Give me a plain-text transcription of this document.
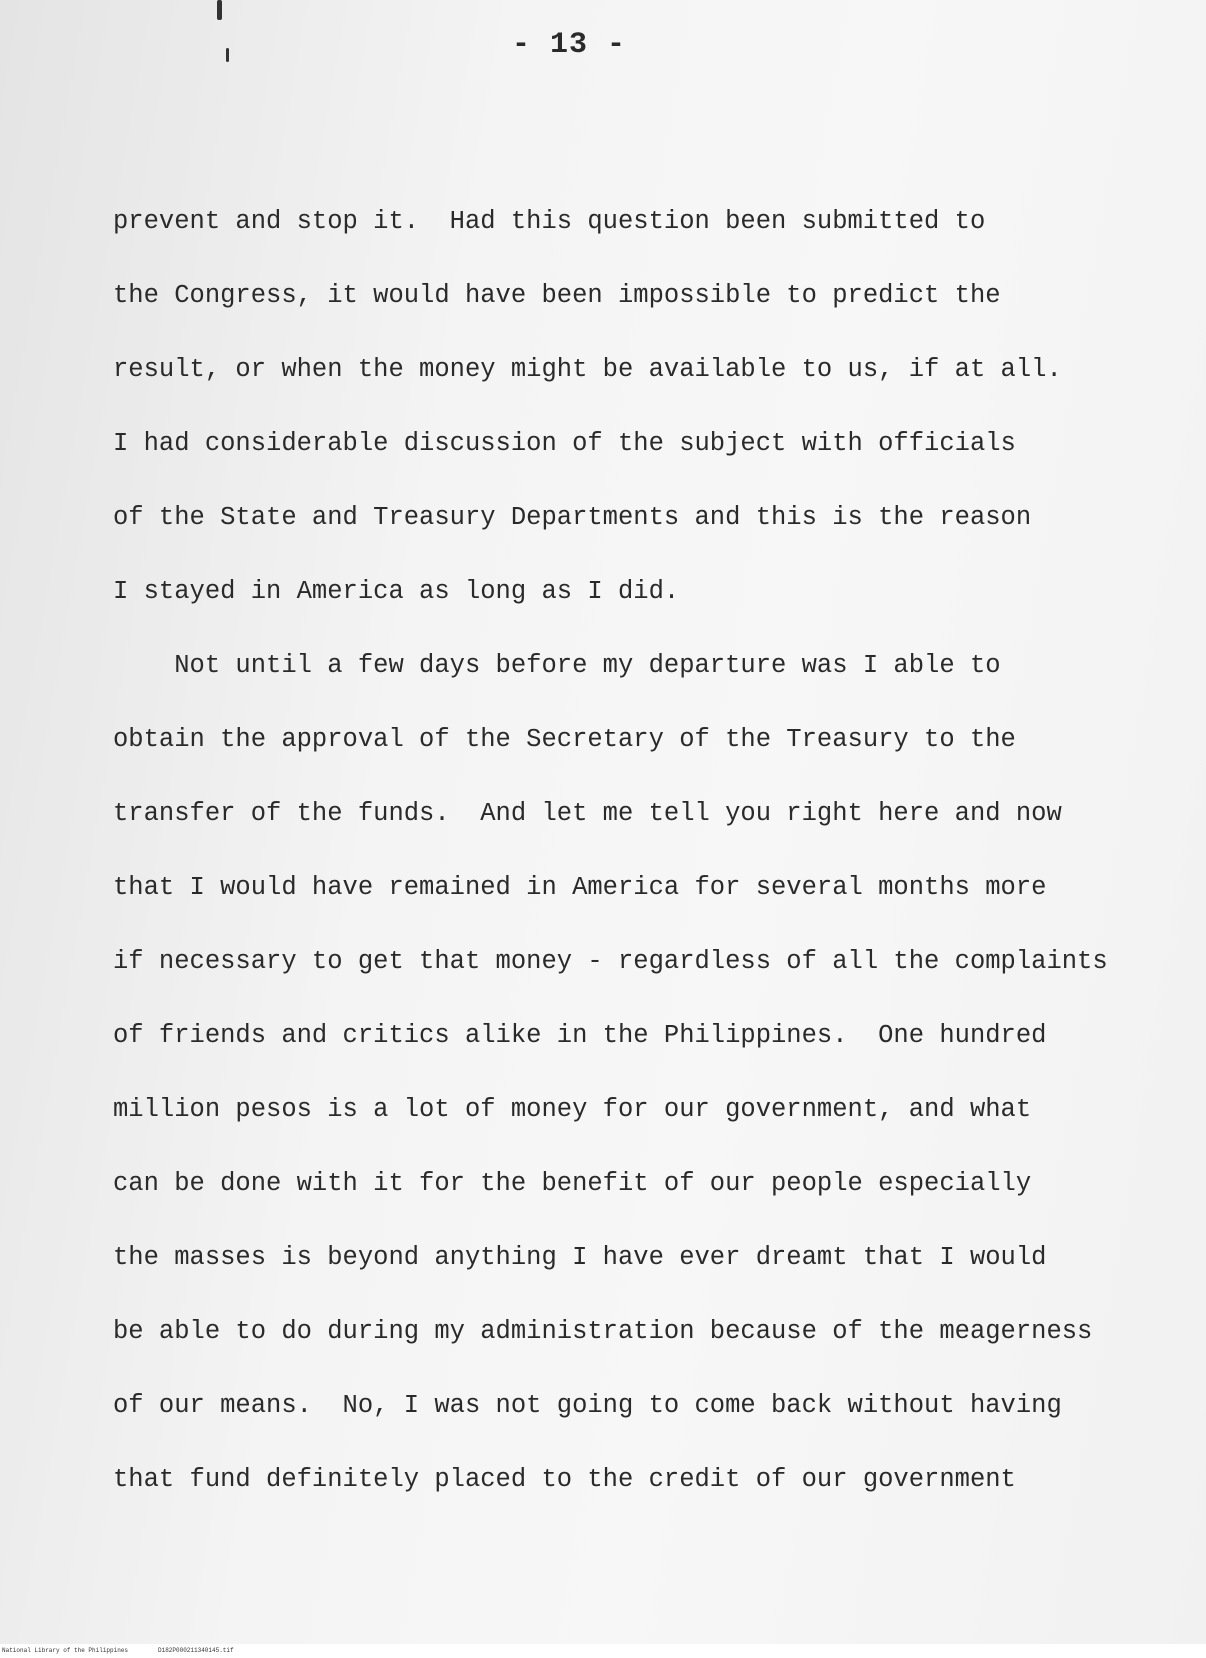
- 13 -
prevent and stop it.  Had this question been submitted to
the Congress, it would have been impossible to predict the
result, or when the money might be available to us, if at all.
I had considerable discussion of the subject with officials
of the State and Treasury Departments and this is the reason
I stayed in America as long as I did.
Not until a few days before my departure was I able to
obtain the approval of the Secretary of the Treasury to the
transfer of the funds.  And let me tell you right here and now
that I would have remained in America for several months more
if necessary to get that money - regardless of all the complaints
of friends and critics alike in the Philippines.  One hundred
million pesos is a lot of money for our government, and what
can be done with it for the benefit of our people especially
the masses is beyond anything I have ever dreamt that I would
be able to do during my administration because of the meagerness
of our means.  No, I was not going to come back without having
that fund definitely placed to the credit of our government
National Library of the Philippines	D182P000211340145.tif
